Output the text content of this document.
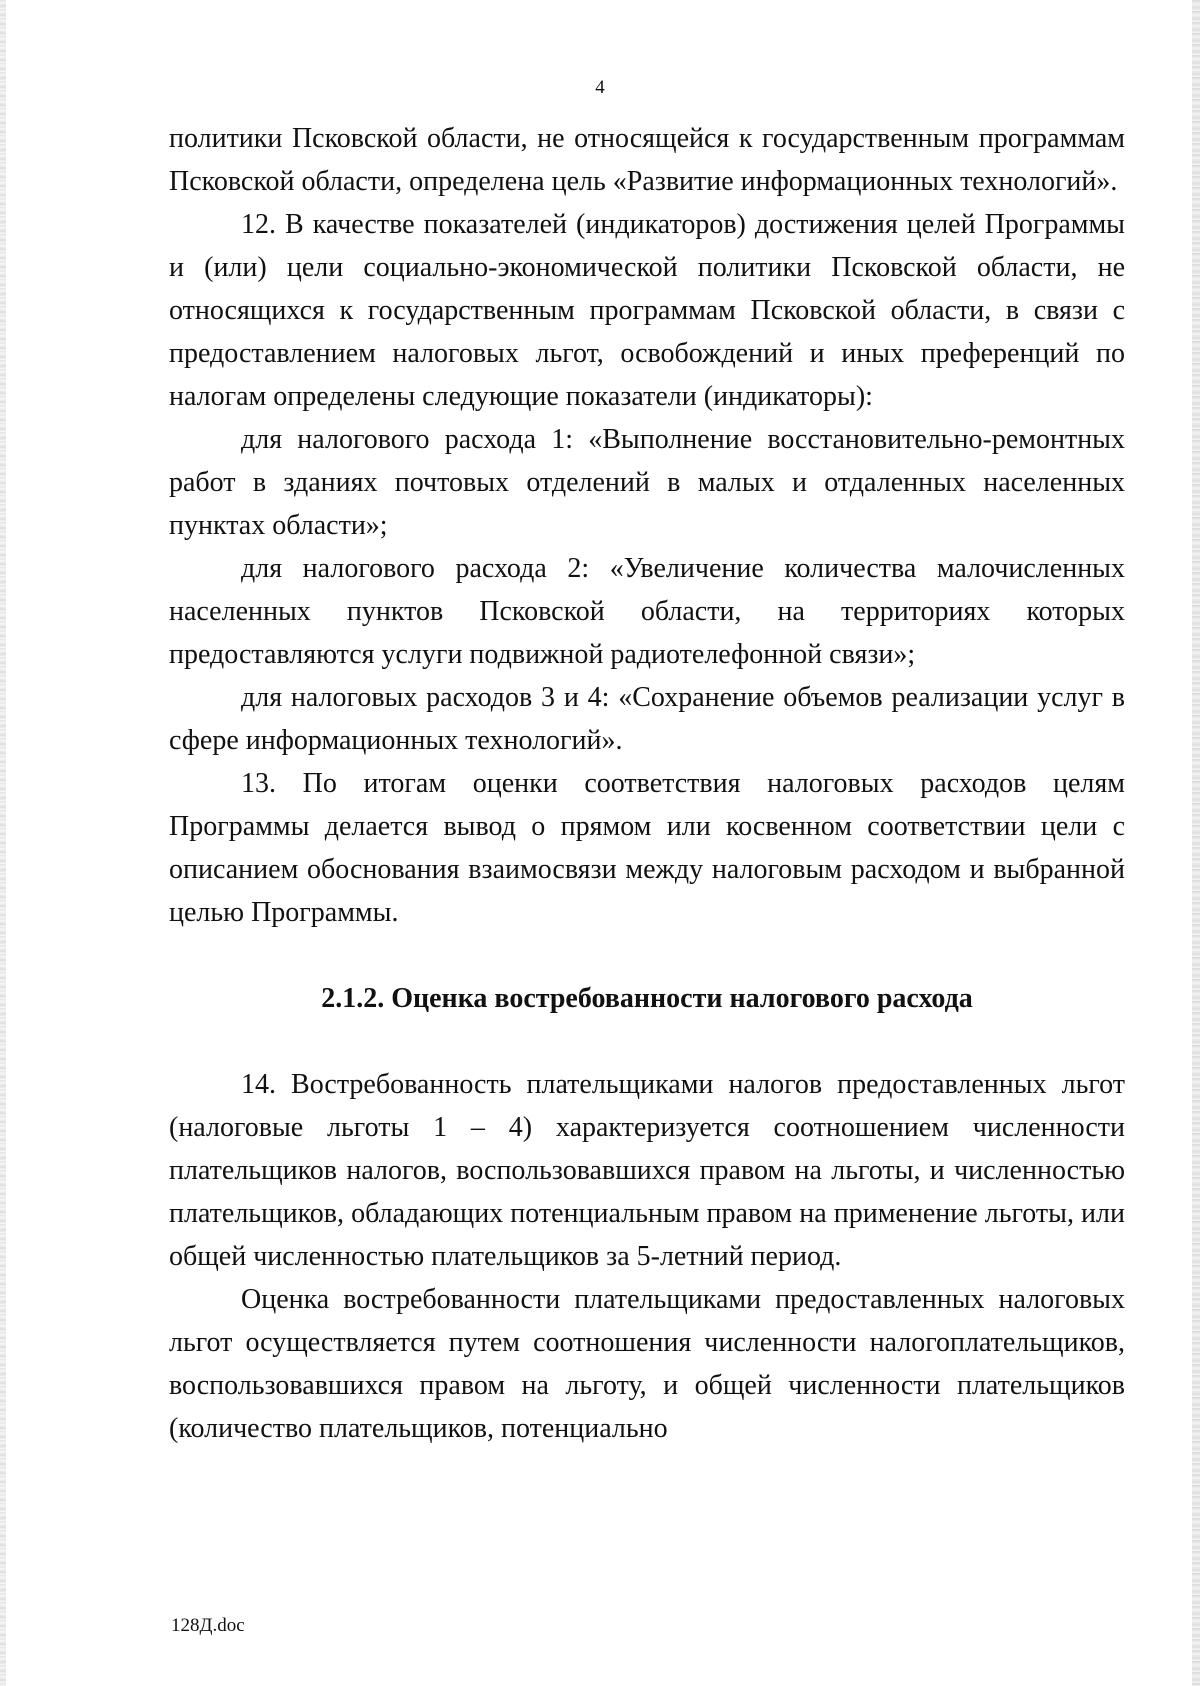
4

политики Псковской области, не относящейся к государственным программам Псковской области, определена цель «Развитие информационных технологий».

12. В качестве показателей (индикаторов) достижения целей Программы и (или) цели социально-экономической политики Псковской области, не относящихся к государственным программам Псковской области, в связи с предоставлением налоговых льгот, освобождений и иных преференций по налогам определены следующие показатели (индикаторы):

для налогового расхода 1: «Выполнение восстановительно-ремонтных работ в зданиях почтовых отделений в малых и отдаленных населенных пунктах области»;

для налогового расхода 2: «Увеличение количества малочисленных населенных пунктов Псковской области, на территориях которых предоставляются услуги подвижной радиотелефонной связи»;

для налоговых расходов 3 и 4: «Сохранение объемов реализации услуг в сфере информационных технологий».

13. По итогам оценки соответствия налоговых расходов целям Программы делается вывод о прямом или косвенном соответствии цели с описанием обоснования взаимосвязи между налоговым расходом и выбранной целью Программы.

2.1.2. Оценка востребованности налогового расхода

14. Востребованность плательщиками налогов предоставленных льгот (налоговые льготы 1 – 4) характеризуется соотношением численности плательщиков налогов, воспользовавшихся правом на льготы, и численностью плательщиков, обладающих потенциальным правом на применение льготы, или общей численностью плательщиков за 5-летний период.

Оценка востребованности плательщиками предоставленных налоговых льгот осуществляется путем соотношения численности налогоплательщиков, воспользовавшихся правом на льготу, и общей численности плательщиков (количество плательщиков, потенциально

128Д.doc
